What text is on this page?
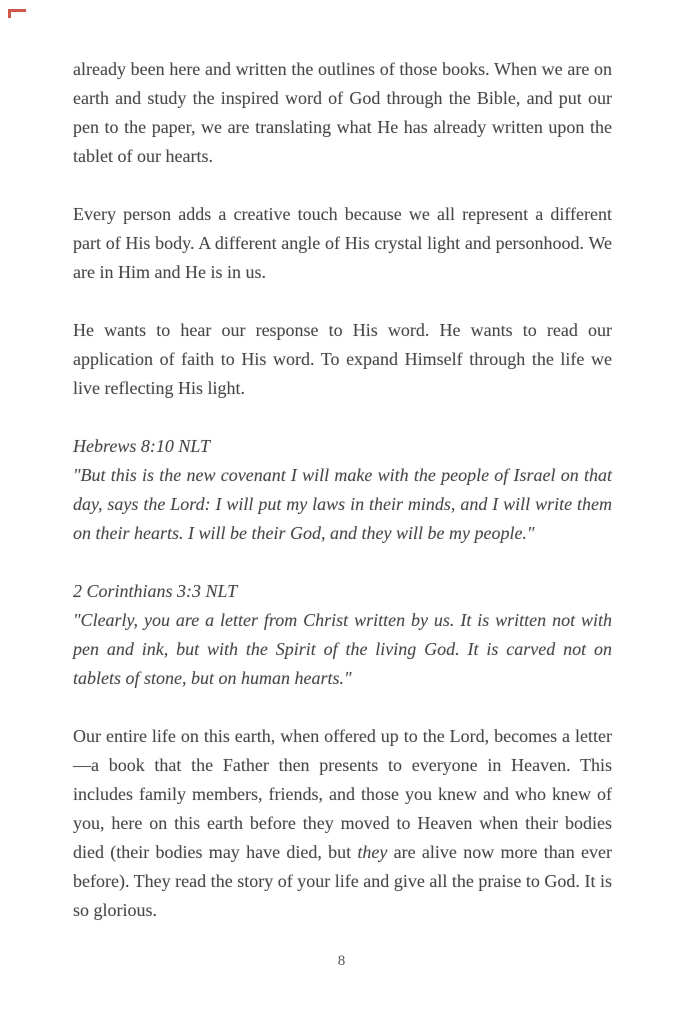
already been here and written the outlines of those books. When we are on earth and study the inspired word of God through the Bible, and put our pen to the paper, we are translating what He has already written upon the tablet of our hearts.

Every person adds a creative touch because we all represent a different part of His body. A different angle of His crystal light and personhood. We are in Him and He is in us.

He wants to hear our response to His word. He wants to read our application of faith to His word. To expand Himself through the life we live reflecting His light.

Hebrews 8:10 NLT

"But this is the new covenant I will make with the people of Israel on that day, says the Lord: I will put my laws in their minds, and I will write them on their hearts. I will be their God, and they will be my people."

2 Corinthians 3:3 NLT

"Clearly, you are a letter from Christ written by us. It is written not with pen and ink, but with the Spirit of the living God. It is carved not on tablets of stone, but on human hearts."

Our entire life on this earth, when offered up to the Lord, becomes a letter—a book that the Father then presents to everyone in Heaven. This includes family members, friends, and those you knew and who knew of you, here on this earth before they moved to Heaven when their bodies died (their bodies may have died, but they are alive now more than ever before). They read the story of your life and give all the praise to God. It is so glorious.

8
